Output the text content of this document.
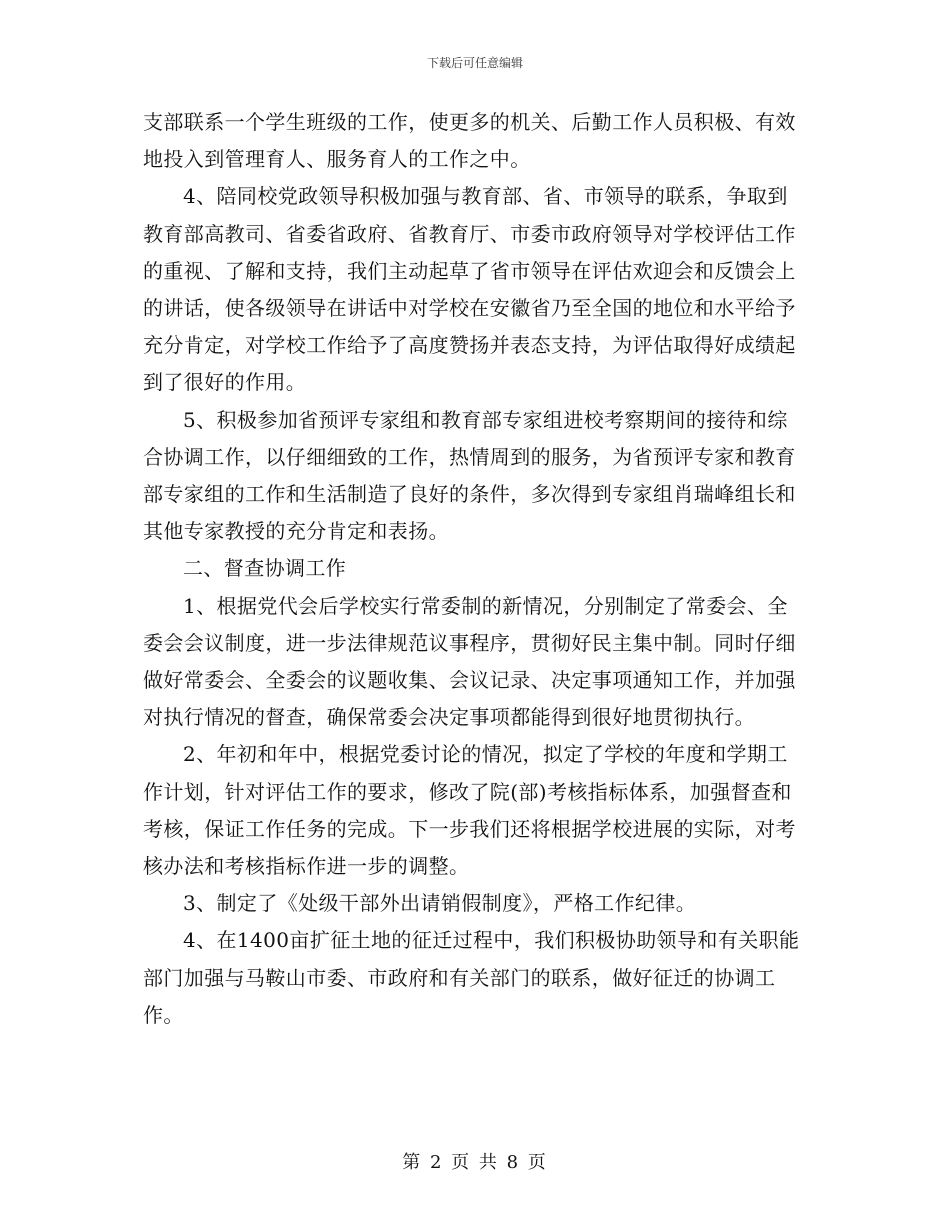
下载后可任意编辑

支部联系一个学生班级的工作，使更多的机关、后勤工作人员积极、有效地投入到管理育人、服务育人的工作之中。

4、陪同校党政领导积极加强与教育部、省、市领导的联系，争取到教育部高教司、省委省政府、省教育厅、市委市政府领导对学校评估工作的重视、了解和支持，我们主动起草了省市领导在评估欢迎会和反馈会上的讲话，使各级领导在讲话中对学校在安徽省乃至全国的地位和水平给予充分肯定，对学校工作给予了高度赞扬并表态支持，为评估取得好成绩起到了很好的作用。

5、积极参加省预评专家组和教育部专家组进校考察期间的接待和综合协调工作，以仔细细致的工作，热情周到的服务，为省预评专家和教育部专家组的工作和生活制造了良好的条件，多次得到专家组肖瑞峰组长和其他专家教授的充分肯定和表扬。

二、督查协调工作

1、根据党代会后学校实行常委制的新情况，分别制定了常委会、全委会会议制度，进一步法律规范议事程序，贯彻好民主集中制。同时仔细做好常委会、全委会的议题收集、会议记录、决定事项通知工作，并加强对执行情况的督查，确保常委会决定事项都能得到很好地贯彻执行。

2、年初和年中，根据党委讨论的情况，拟定了学校的年度和学期工作计划，针对评估工作的要求，修改了院(部)考核指标体系，加强督查和考核，保证工作任务的完成。下一步我们还将根据学校进展的实际，对考核办法和考核指标作进一步的调整。

3、制定了《处级干部外出请销假制度》，严格工作纪律。

4、在1400亩扩征土地的征迁过程中，我们积极协助领导和有关职能部门加强与马鞍山市委、市政府和有关部门的联系，做好征迁的协调工作。

第 2 页 共 8 页
